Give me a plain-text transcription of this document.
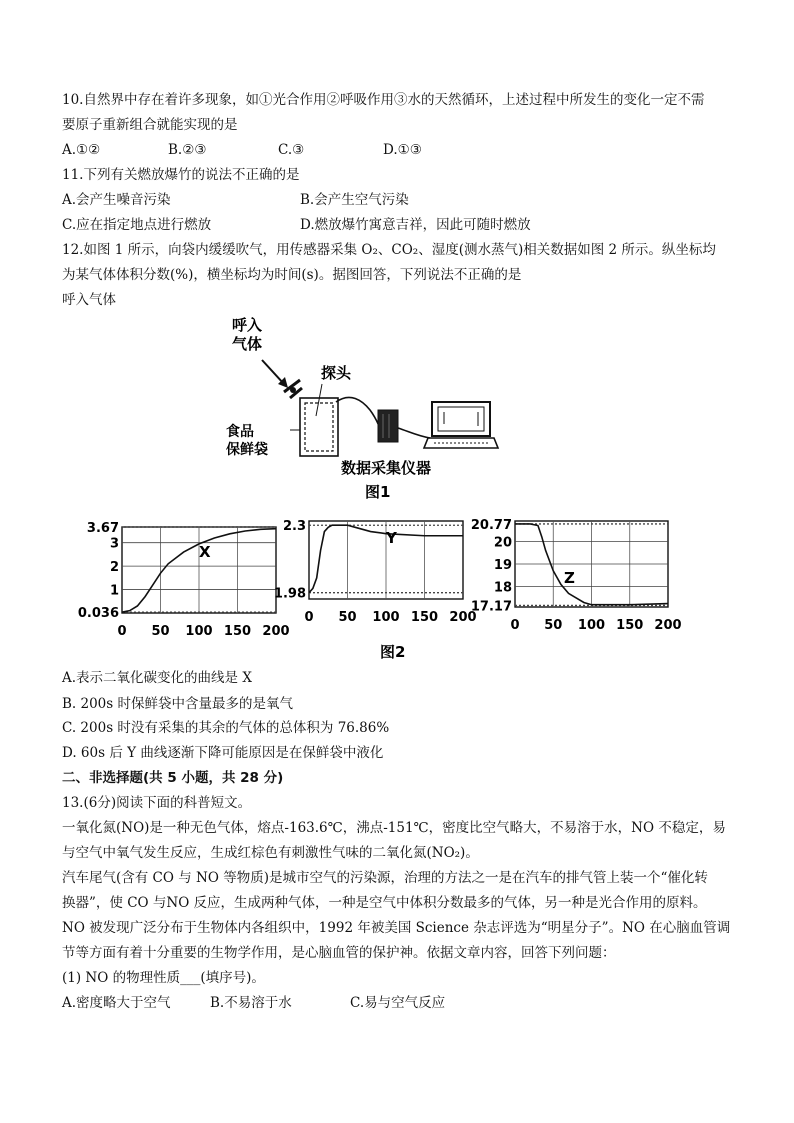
10.自然界中存在着许多现象，如①光合作用②呼吸作用③水的天然循环，上述过程中所发生的变化一定不需
要原子重新组合就能实现的是
A.①②	B.②③	C.③	D.①③
11.下列有关燃放爆竹的说法不正确的是
A.会产生噪音污染	B.会产生空气污染
C.应在指定地点进行燃放	D.燃放爆竹寓意吉祥，因此可随时燃放
12.如图 1 所示，向袋内缓缓吹气，用传感器采集 O₂、CO₂、湿度(测水蒸气)相关数据如图 2 所示。纵坐标均
为某气体体积分数(%)，横坐标均为时间(s)。据图回答，下列说法不正确的是
呼入气体
呼入
气体
食品
保鲜袋
探头
数据采集仪器
图1
0 50 100 150 200
3.67
3
2
1
0.036
X
0 50 100 150 200
2.3
1.98
Y
0 50 100 150 200
20.77
20
19
18
17.17
Z
图2
A.表示二氧化碳变化的曲线是 X
B. 200s 时保鲜袋中含量最多的是氧气
C. 200s 时没有采集的其余的气体的总体积为 76.86%
D. 60s 后 Y 曲线逐渐下降可能原因是在保鲜袋中液化
二、非选择题(共 5 小题，共 28 分)
13.(6分)阅读下面的科普短文。
一氧化氮(NO)是一种无色气体，熔点-163.6℃，沸点-151℃，密度比空气略大，不易溶于水，NO 不稳定，易
与空气中氧气发生反应，生成红棕色有刺激性气味的二氧化氮(NO₂)。
汽车尾气(含有 CO 与 NO 等物质)是城市空气的污染源，治理的方法之一是在汽车的排气管上装一个“催化转
换器”，使 CO 与NO 反应，生成两种气体，一种是空气中体积分数最多的气体，另一种是光合作用的原料。
NO 被发现广泛分布于生物体内各组织中，1992 年被美国 Science 杂志评选为“明星分子”。NO 在心脑血管调
节等方面有着十分重要的生物学作用，是心脑血管的保护神。依据文章内容，回答下列问题：
(1) NO 的物理性质___(填序号)。
A.密度略大于空气	B.不易溶于水	C.易与空气反应
